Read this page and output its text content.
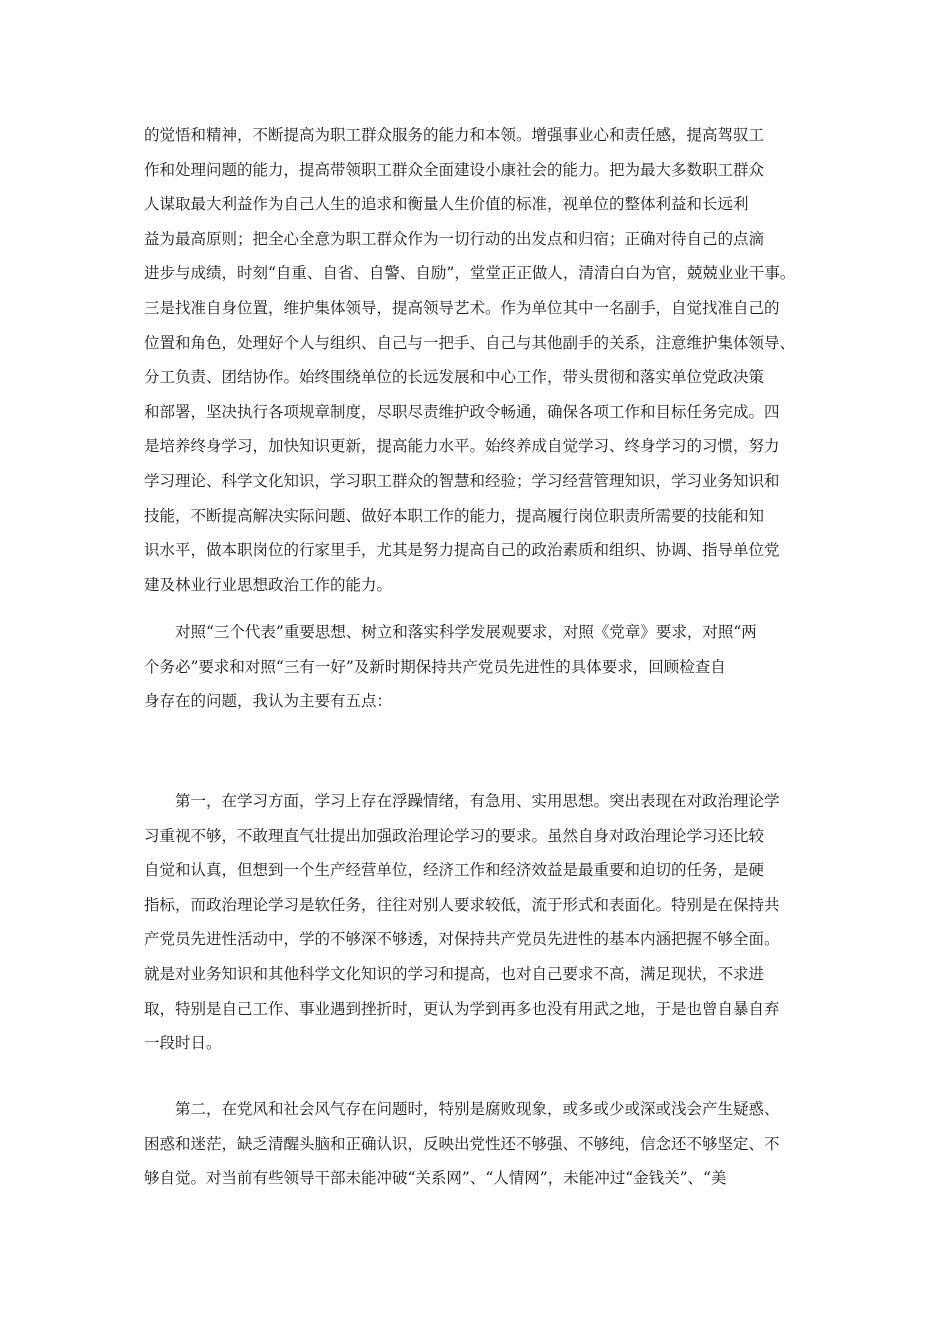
的觉悟和精神，不断提高为职工群众服务的能力和本领。增强事业心和责任感，提高驾驭工
作和处理问题的能力，提高带领职工群众全面建设小康社会的能力。把为最大多数职工群众
人谋取最大利益作为自己人生的追求和衡量人生价值的标准，视单位的整体利益和长远利
益为最高原则；把全心全意为职工群众作为一切行动的出发点和归宿；正确对待自己的点滴
进步与成绩，时刻“自重、自省、自警、自励”，堂堂正正做人，清清白白为官，兢兢业业干事。
三是找准自身位置，维护集体领导，提高领导艺术。作为单位其中一名副手，自觉找准自己的
位置和角色，处理好个人与组织、自己与一把手、自己与其他副手的关系，注意维护集体领导、
分工负责、团结协作。始终围绕单位的长远发展和中心工作，带头贯彻和落实单位党政决策
和部署，坚决执行各项规章制度，尽职尽责维护政令畅通，确保各项工作和目标任务完成。四
是培养终身学习，加快知识更新，提高能力水平。始终养成自觉学习、终身学习的习惯，努力
学习理论、科学文化知识，学习职工群众的智慧和经验；学习经营管理知识，学习业务知识和
技能，不断提高解决实际问题、做好本职工作的能力，提高履行岗位职责所需要的技能和知
识水平，做本职岗位的行家里手，尤其是努力提高自己的政治素质和组织、协调、指导单位党
建及林业行业思想政治工作的能力。
　　对照“三个代表”重要思想、树立和落实科学发展观要求，对照《党章》要求，对照“两
个务必”要求和对照“三有一好”及新时期保持共产党员先进性的具体要求，回顾检查自
身存在的问题，我认为主要有五点：
　　第一，在学习方面，学习上存在浮躁情绪，有急用、实用思想。突出表现在对政治理论学
习重视不够，不敢理直气壮提出加强政治理论学习的要求。虽然自身对政治理论学习还比较
自觉和认真，但想到一个生产经营单位，经济工作和经济效益是最重要和迫切的任务，是硬
指标，而政治理论学习是软任务，往往对别人要求较低，流于形式和表面化。特别是在保持共
产党员先进性活动中，学的不够深不够透，对保持共产党员先进性的基本内涵把握不够全面。
就是对业务知识和其他科学文化知识的学习和提高，也对自己要求不高，满足现状，不求进
取，特别是自己工作、事业遇到挫折时，更认为学到再多也没有用武之地，于是也曾自暴自弃
一段时日。
　　第二，在党风和社会风气存在问题时，特别是腐败现象，或多或少或深或浅会产生疑惑、
困惑和迷茫，缺乏清醒头脑和正确认识，反映出党性还不够强、不够纯，信念还不够坚定、不
够自觉。对当前有些领导干部未能冲破“关系网”、“人情网”，未能冲过“金钱关”、“美
